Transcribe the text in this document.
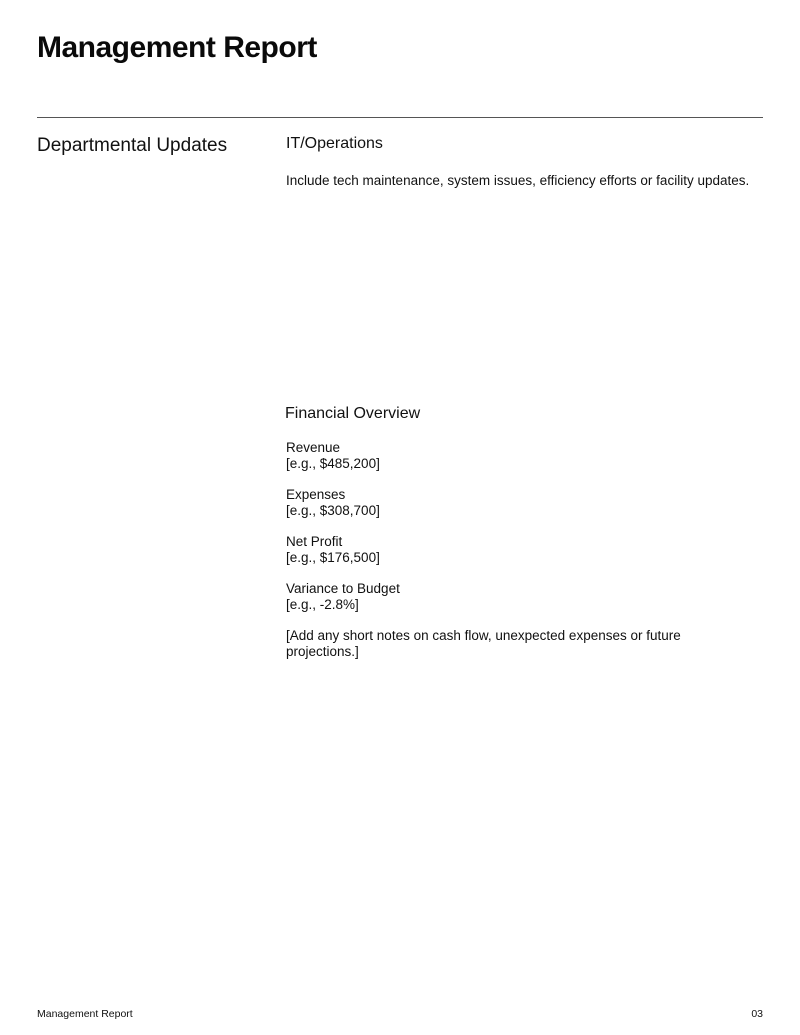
Management Report
Departmental Updates	IT/Operations

Include tech maintenance, system issues, efficiency efforts or facility updates.

Financial Overview
Revenue
[e.g., $485,200]
Expenses
[e.g., $308,700]
Net Profit
[e.g., $176,500]
Variance to Budget
[e.g., -2.8%]

[Add any short notes on cash flow, unexpected expenses or future projections.]

Management Report	03
